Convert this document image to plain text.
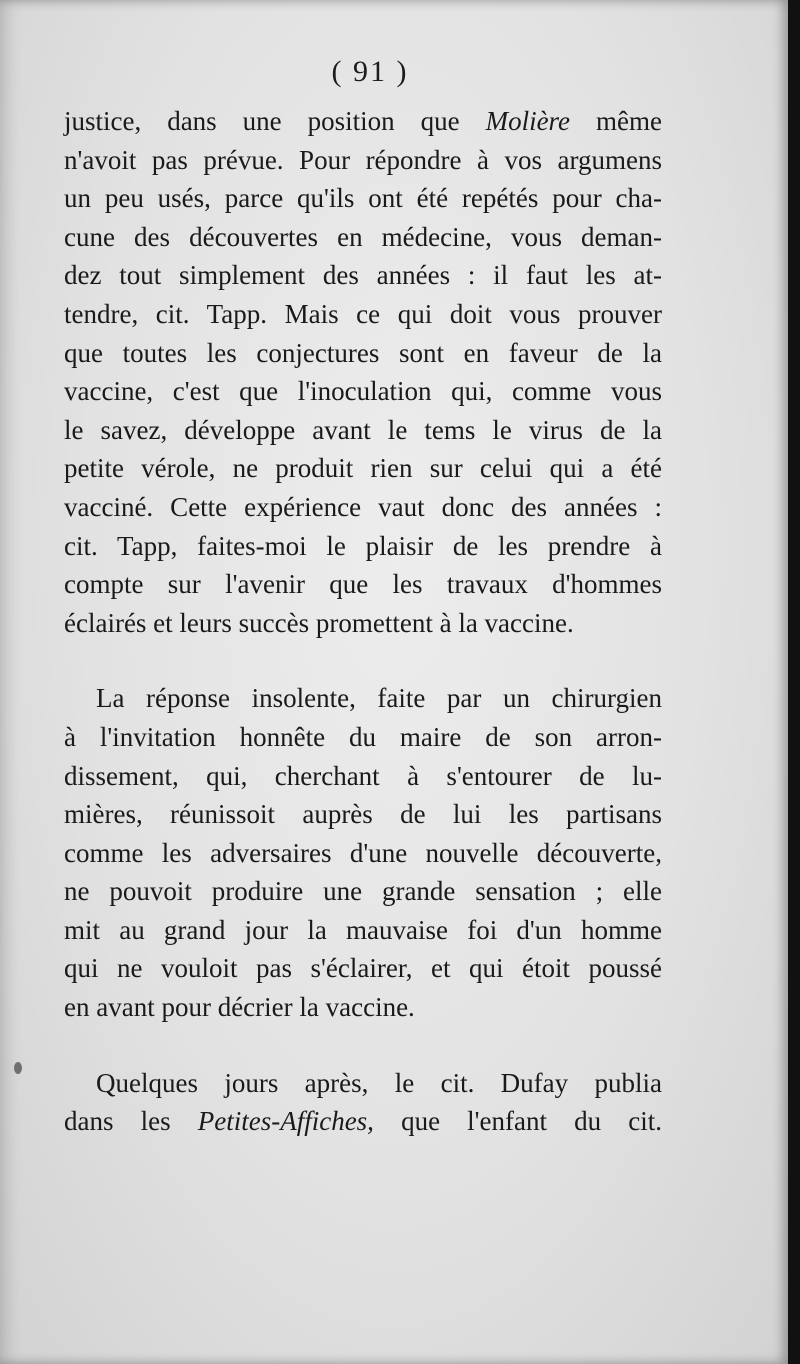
( 91 )
justice, dans une position que Molière même
n'avoit pas prévue. Pour répondre à vos argumens
un peu usés, parce qu'ils ont été repétés pour cha-
cune des découvertes en médecine, vous deman-
dez tout simplement des années : il faut les at-
tendre, cit. Tapp. Mais ce qui doit vous prouver
que toutes les conjectures sont en faveur de la
vaccine, c'est que l'inoculation qui, comme vous
le savez, développe avant le tems le virus de la
petite vérole, ne produit rien sur celui qui a été
vacciné. Cette expérience vaut donc des années :
cit. Tapp, faites-moi le plaisir de les prendre à
compte sur l'avenir que les travaux d'hommes
éclairés et leurs succès promettent à la vaccine.
La réponse insolente, faite par un chirurgien
à l'invitation honnête du maire de son arron-
dissement, qui, cherchant à s'entourer de lu-
mières, réunissoit auprès de lui les partisans
comme les adversaires d'une nouvelle découverte,
ne pouvoit produire une grande sensation ; elle
mit au grand jour la mauvaise foi d'un homme
qui ne vouloit pas s'éclairer, et qui étoit poussé
en avant pour décrier la vaccine.
Quelques jours après, le cit. Dufay publia
dans les Petites-Affiches, que l'enfant du cit.
